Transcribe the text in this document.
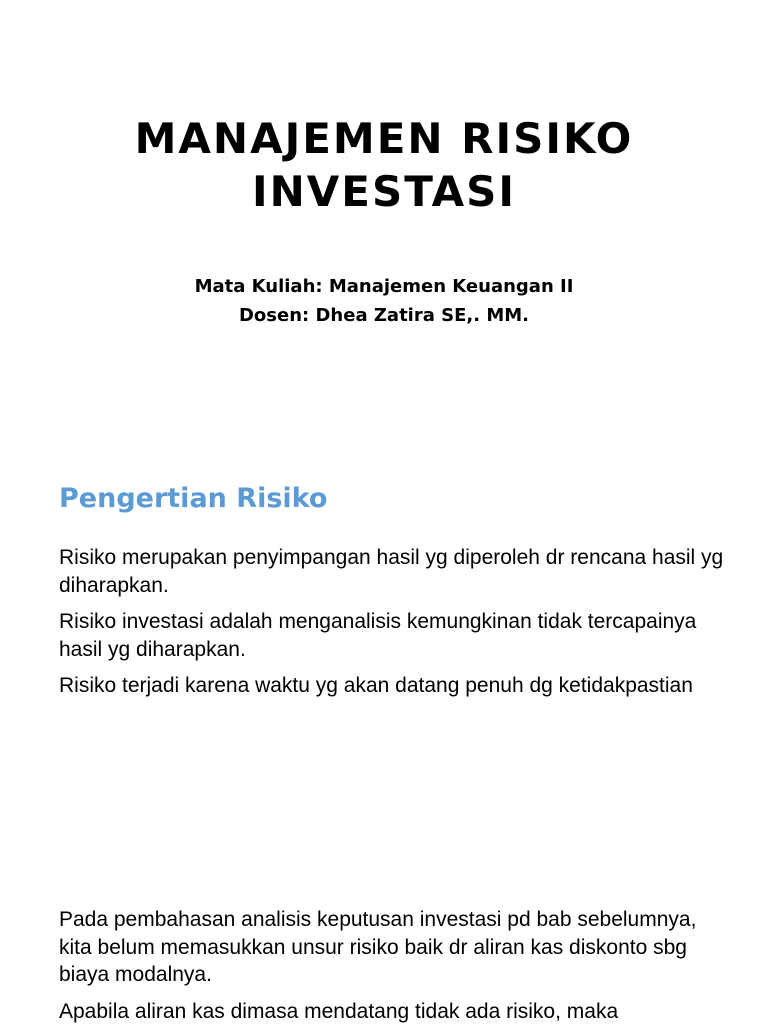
MANAJEMEN RISIKO
INVESTASI
Mata Kuliah: Manajemen Keuangan II
Dosen: Dhea Zatira SE,. MM.
Pengertian Risiko

Risiko merupakan penyimpangan hasil yg diperoleh dr rencana hasil yg diharapkan.

Risiko investasi adalah menganalisis kemungkinan tidak tercapainya hasil yg diharapkan.

Risiko terjadi karena waktu yg akan datang penuh dg ketidakpastian

Pada pembahasan analisis keputusan investasi pd bab sebelumnya, kita belum memasukkan unsur risiko baik dr aliran kas diskonto sbg biaya modalnya.

Apabila aliran kas dimasa mendatang tidak ada risiko, maka
